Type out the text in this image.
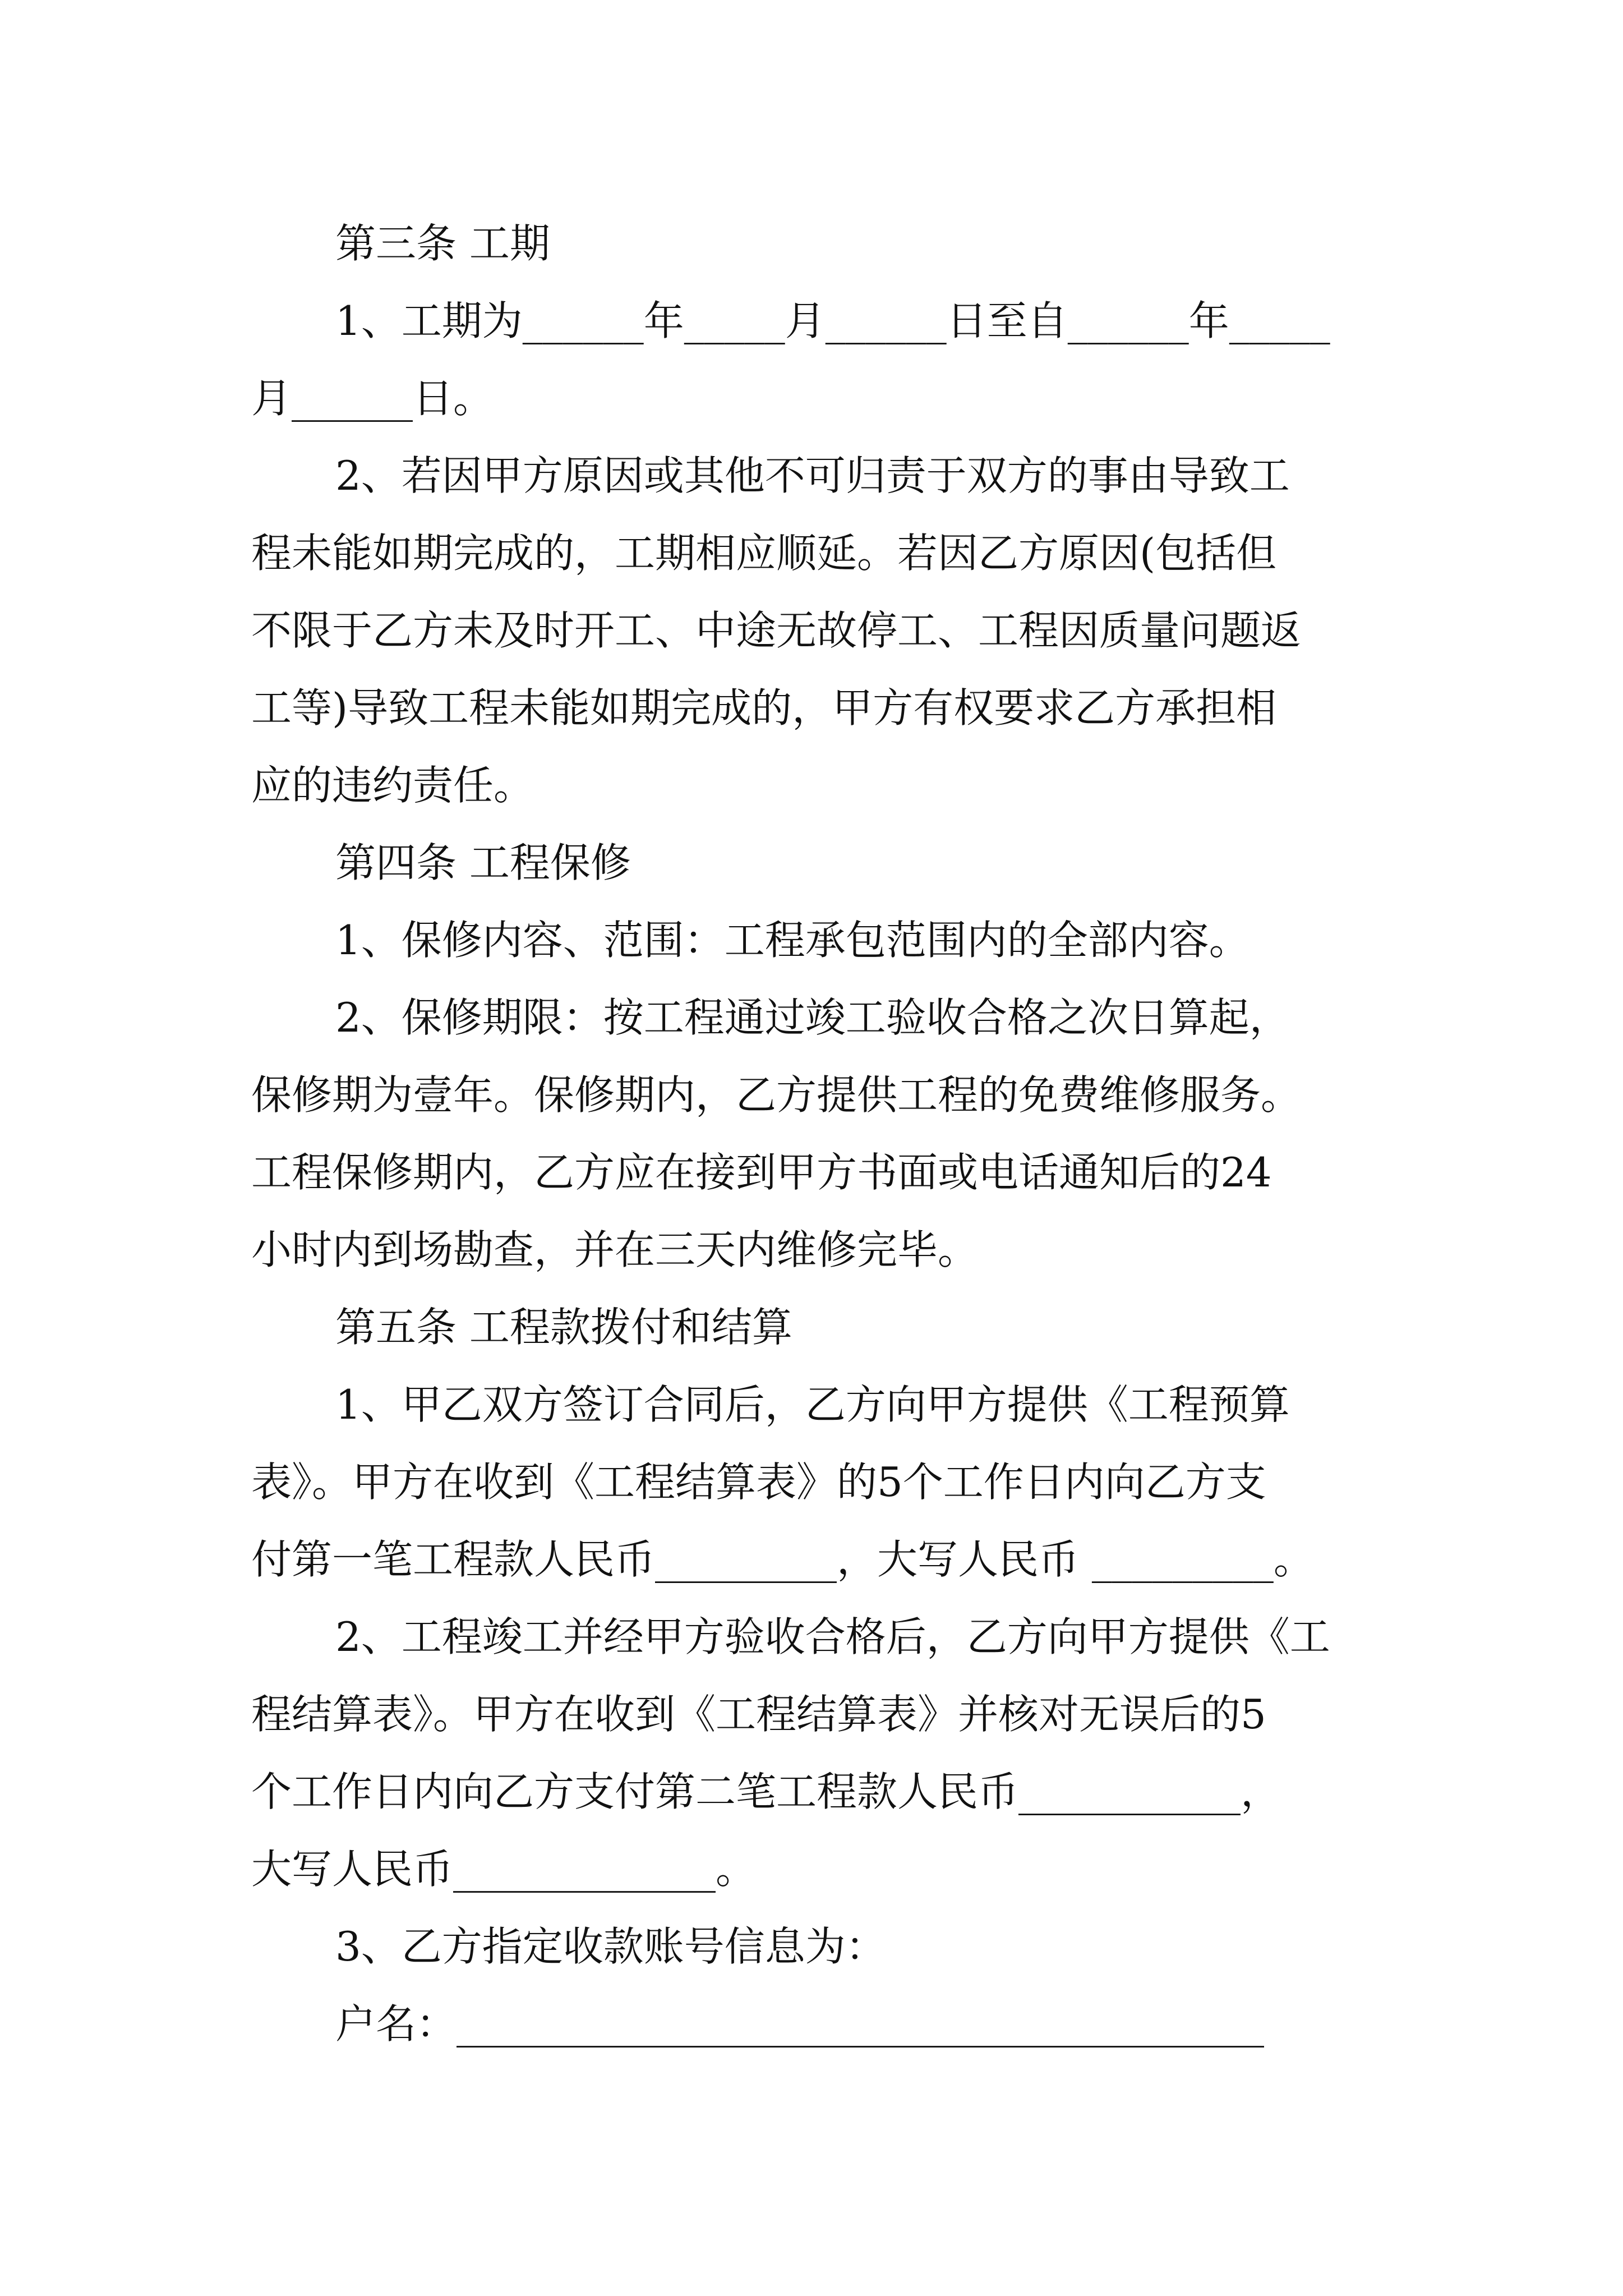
第三条 工期
1、工期为______年_____月______日至自______年_____
月______日。
2、若因甲方原因或其他不可归责于双方的事由导致工
程未能如期完成的，工期相应顺延。若因乙方原因(包括但
不限于乙方未及时开工、中途无故停工、工程因质量问题返
工等)导致工程未能如期完成的，甲方有权要求乙方承担相
应的违约责任。
第四条 工程保修
1、保修内容、范围：工程承包范围内的全部内容。
2、保修期限：按工程通过竣工验收合格之次日算起，
保修期为壹年。保修期内，乙方提供工程的免费维修服务。
工程保修期内，乙方应在接到甲方书面或电话通知后的24
小时内到场勘查，并在三天内维修完毕。
第五条 工程款拨付和结算
1、甲乙双方签订合同后，乙方向甲方提供《工程预算
表》。甲方在收到《工程结算表》的5个工作日内向乙方支
付第一笔工程款人民币_________，大写人民币 _________。
2、工程竣工并经甲方验收合格后，乙方向甲方提供《工
程结算表》。甲方在收到《工程结算表》并核对无误后的5
个工作日内向乙方支付第二笔工程款人民币___________，
大写人民币_____________。
3、乙方指定收款账号信息为：
户名：________________________________________
